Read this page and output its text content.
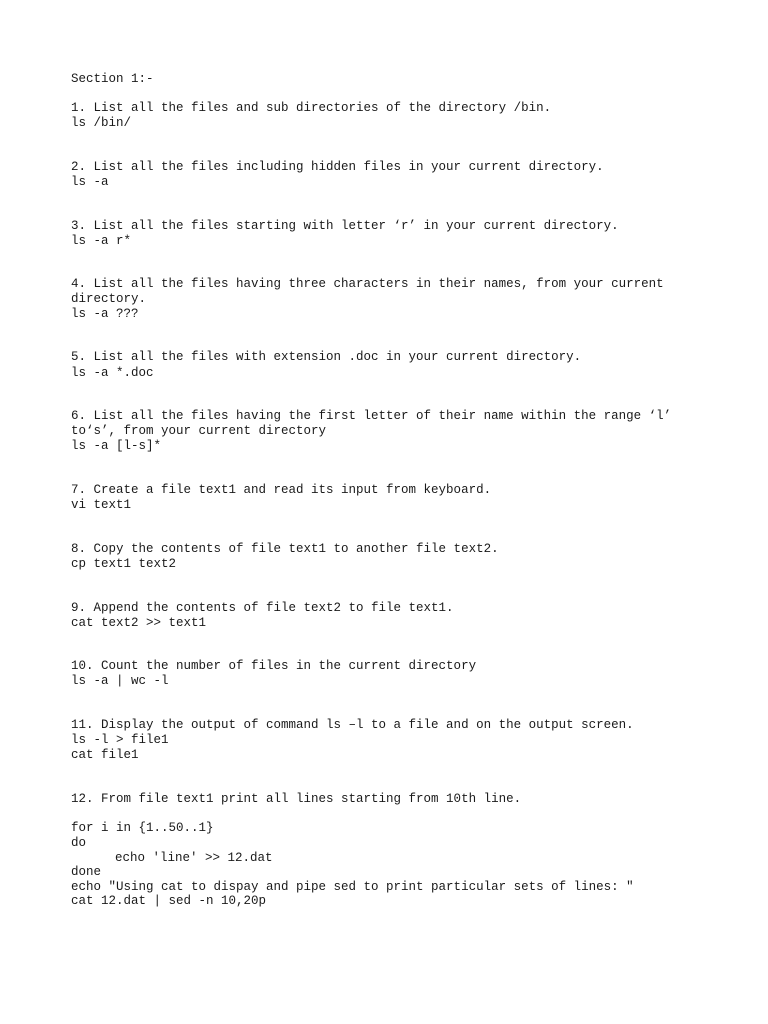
Section 1:-

1. List all the files and sub directories of the directory /bin.

ls /bin/

2. List all the files including hidden files in your current directory.

ls -a

3. List all the files starting with letter ‘r’ in your current directory.

ls -a r*

4. List all the files having three characters in their names, from your current

directory.

ls -a ???

5. List all the files with extension .doc in your current directory.

ls -a *.doc

6. List all the files having the first letter of their name within the range ‘l’

to‘s’, from your current directory

ls -a [l-s]*

7. Create a file text1 and read its input from keyboard.

vi text1

8. Copy the contents of file text1 to another file text2.

cp text1 text2

9. Append the contents of file text2 to file text1.

cat text2 >> text1

10. Count the number of files in the current directory

ls -a | wc -l

11. Display the output of command ls –l to a file and on the output screen.

ls -l > file1

cat file1

12. From file text1 print all lines starting from 10th line.

for i in {1..50..1}

do

echo 'line' >> 12.dat

done

echo "Using cat to dispay and pipe sed to print particular sets of lines: "

cat 12.dat | sed -n 10,20p
